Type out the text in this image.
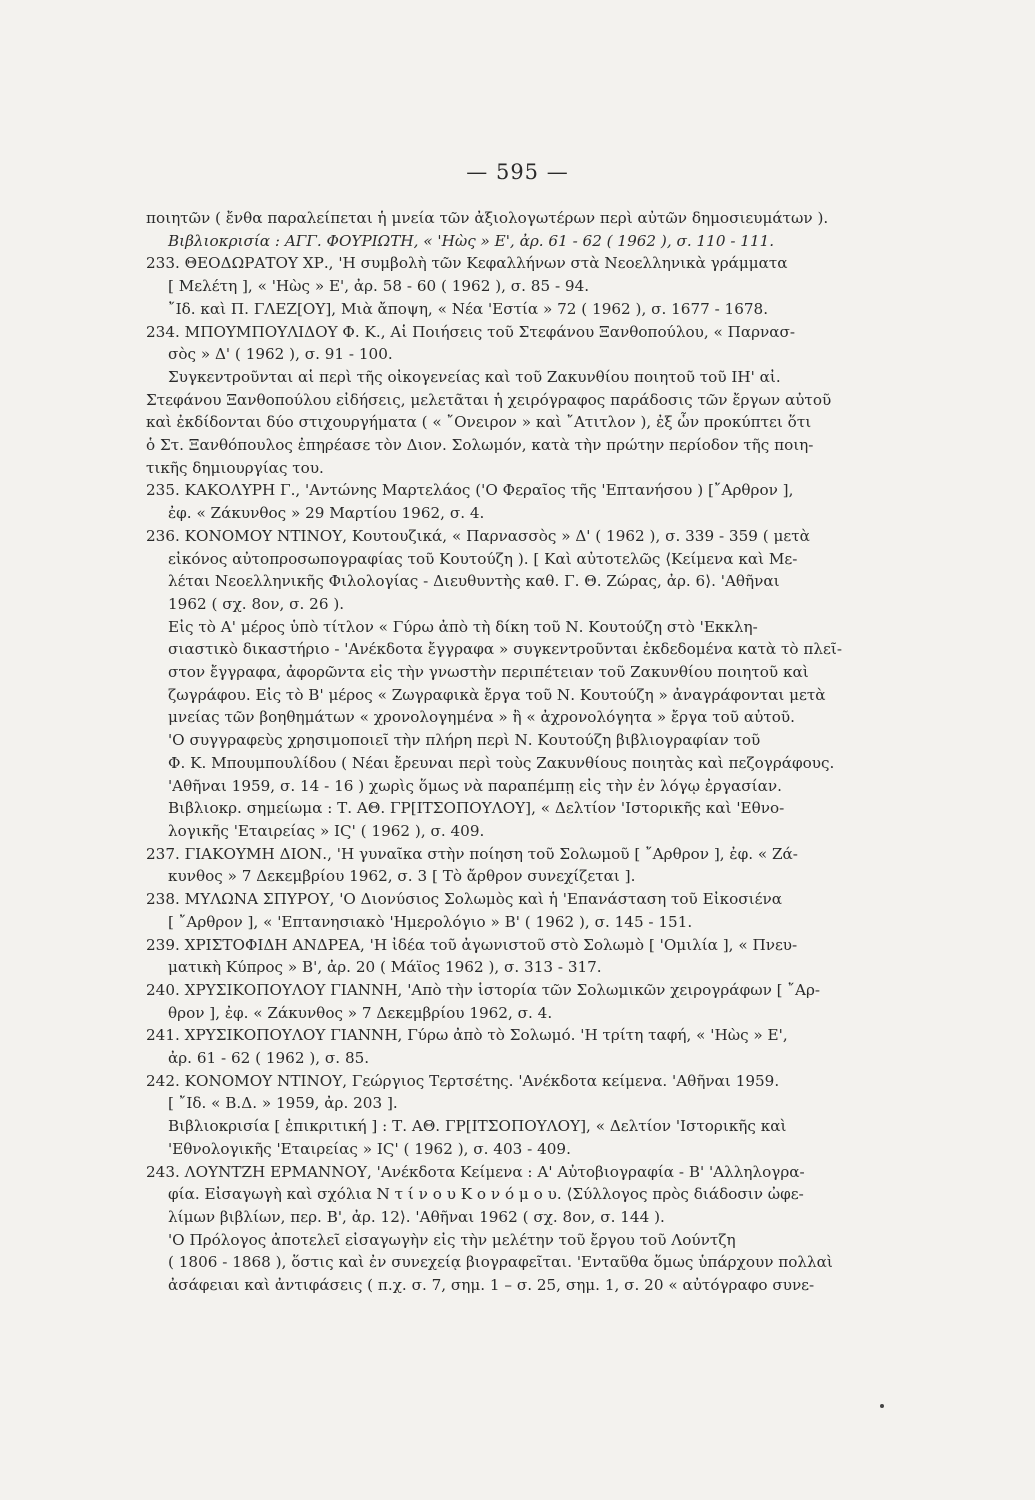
— 595 —

ποιητῶν ( ἔνθα παραλείπεται ἡ μνεία τῶν ἀξιολογωτέρων περὶ αὐτῶν δημοσιευμάτων ).

Βιβλιοκρισία : ΑΓΓ. ΦΟΥΡΙΩΤΗ, « 'Ηὼς » Ε', ἀρ. 61 - 62 ( 1962 ), σ. 110 - 111.

233. ΘΕΟΔΩΡΑΤΟΥ ΧΡ., 'Η συμβολὴ τῶν Κεφαλλήνων στὰ Νεοελληνικὰ γράμματα

[ Μελέτη ], « 'Ηὼς » Ε', ἀρ. 58 - 60 ( 1962 ), σ. 85 - 94.

῎Ιδ. καὶ Π. ΓΛΕΖ[ΟΥ], Μιὰ ἄποψη, « Νέα 'Εστία » 72 ( 1962 ), σ. 1677 - 1678.

234. ΜΠΟΥΜΠΟΥΛΙΔΟΥ Φ. Κ., Αἱ Ποιήσεις τοῦ Στεφάνου Ξανθοπούλου, « Παρνασ-

σὸς » Δ' ( 1962 ), σ. 91 - 100.

Συγκεντροῦνται αἱ περὶ τῆς οἰκογενείας καὶ τοῦ Ζακυνθίου ποιητοῦ τοῦ ΙΗ' αἰ.

Στεφάνου Ξανθοπούλου εἰδήσεις, μελετᾶται ἡ χειρόγραφος παράδοσις τῶν ἔργων αὐτοῦ

καὶ ἐκδίδονται δύο στιχουργήματα ( « ῎Ονειρον » καὶ ῎Ατιτλον ), ἐξ ὧν προκύπτει ὅτι

ὁ Στ. Ξανθόπουλος ἐπηρέασε τὸν Διον. Σολωμόν, κατὰ τὴν πρώτην περίοδον τῆς ποιη-

τικῆς δημιουργίας του.

235. ΚΑΚΟΛΥΡΗ Γ., 'Αντώνης Μαρτελάος ('Ο Φεραῖος τῆς 'Επτανήσου ) [῎Αρθρον ],

ἐφ. « Ζάκυνθος » 29 Μαρτίου 1962, σ. 4.

236. ΚΟΝΟΜΟΥ ΝΤΙΝΟΥ, Κουτουζικά, « Παρνασσὸς » Δ' ( 1962 ), σ. 339 - 359 ( μετὰ

εἰκόνος αὐτοπροσωπογραφίας τοῦ Κουτούζη ). [ Καὶ αὐτοτελῶς ⟨Κείμενα καὶ Με-

λέται Νεοελληνικῆς Φιλολογίας - Διευθυντὴς καθ. Γ. Θ. Ζώρας, ἀρ. 6⟩. 'Αθῆναι

1962 ( σχ. 8ον, σ. 26 ).

Εἰς τὸ Α' μέρος ὑπὸ τίτλον « Γύρω ἀπὸ τὴ δίκη τοῦ Ν. Κουτούζη στὸ 'Εκκλη-

σιαστικὸ δικαστήριο - 'Ανέκδοτα ἔγγραφα » συγκεντροῦνται ἐκδεδομένα κατὰ τὸ πλεῖ-

στον ἔγγραφα, ἀφορῶντα εἰς τὴν γνωστὴν περιπέτειαν τοῦ Ζακυνθίου ποιητοῦ καὶ

ζωγράφου. Εἰς τὸ Β' μέρος « Ζωγραφικὰ ἔργα τοῦ Ν. Κουτούζη » ἀναγράφονται μετὰ

μνείας τῶν βοηθημάτων « χρονολογημένα » ἢ « ἀχρονολόγητα » ἔργα τοῦ αὐτοῦ.

'Ο συγγραφεὺς χρησιμοποιεῖ τὴν πλήρη περὶ Ν. Κουτούζη βιβλιογραφίαν τοῦ

Φ. Κ. Μπουμπουλίδου ( Νέαι ἔρευναι περὶ τοὺς Ζακυνθίους ποιητὰς καὶ πεζογράφους.

'Αθῆναι 1959, σ. 14 - 16 ) χωρὶς ὅμως νὰ παραπέμπῃ εἰς τὴν ἐν λόγῳ ἐργασίαν.

Βιβλιοκρ. σημείωμα : Τ. ΑΘ. ΓΡ[ΙΤΣΟΠΟΥΛΟΥ], « Δελτίον 'Ιστορικῆς καὶ 'Εθνο-

λογικῆς 'Εταιρείας » ΙϚ' ( 1962 ), σ. 409.

237. ΓΙΑΚΟΥΜΗ ΔΙΟΝ., 'Η γυναῖκα στὴν ποίηση τοῦ Σολωμοῦ [ ῎Αρθρον ], ἐφ. « Ζά-

κυνθος » 7 Δεκεμβρίου 1962, σ. 3 [ Τὸ ἄρθρον συνεχίζεται ].

238. ΜΥΛΩΝΑ ΣΠΥΡΟΥ, 'Ο Διονύσιος Σολωμὸς καὶ ἡ 'Επανάσταση τοῦ Εἰκοσιένα

[ ῎Αρθρον ], « 'Επτανησιακὸ 'Ημερολόγιο » Β' ( 1962 ), σ. 145 - 151.

239. ΧΡΙΣΤΟΦΙΔΗ ΑΝΔΡΕΑ, 'Η ἰδέα τοῦ ἀγωνιστοῦ στὸ Σολωμὸ [ 'Ομιλία ], « Πνευ-

ματικὴ Κύπρος » Β', ἀρ. 20 ( Μάϊος 1962 ), σ. 313 - 317.

240. ΧΡΥΣΙΚΟΠΟΥΛΟΥ ΓΙΑΝΝΗ, 'Απὸ τὴν ἱστορία τῶν Σολωμικῶν χειρογράφων [ ῎Αρ-

θρον ], ἐφ. « Ζάκυνθος » 7 Δεκεμβρίου 1962, σ. 4.

241. ΧΡΥΣΙΚΟΠΟΥΛΟΥ ΓΙΑΝΝΗ, Γύρω ἀπὸ τὸ Σολωμό. 'Η τρίτη ταφή, « 'Ηὼς » Ε',

ἀρ. 61 - 62 ( 1962 ), σ. 85.

242. ΚΟΝΟΜΟΥ ΝΤΙΝΟΥ, Γεώργιος Τερτσέτης. 'Ανέκδοτα κείμενα. 'Αθῆναι 1959.

[ ῎Ιδ. « Β.Δ. » 1959, ἀρ. 203 ].

Βιβλιοκρισία [ ἐπικριτική ] : Τ. ΑΘ. ΓΡ[ΙΤΣΟΠΟΥΛΟΥ], « Δελτίον 'Ιστορικῆς καὶ

'Εθνολογικῆς 'Εταιρείας » ΙϚ' ( 1962 ), σ. 403 - 409.

243. ΛΟΥΝΤΖΗ ΕΡΜΑΝΝΟΥ, 'Ανέκδοτα Κείμενα : Α' Αὐτοβιογραφία - Β' 'Αλληλογρα-

φία. Εἰσαγωγὴ καὶ σχόλια Ν τ ί ν ο υ Κ ο ν ό μ ο υ. ⟨Σύλλογος πρὸς διάδοσιν ὠφε-

λίμων βιβλίων, περ. Β', ἀρ. 12⟩. 'Αθῆναι 1962 ( σχ. 8ον, σ. 144 ).

'Ο Πρόλογος ἀποτελεῖ εἰσαγωγὴν εἰς τὴν μελέτην τοῦ ἔργου τοῦ Λούντζη

( 1806 - 1868 ), ὅστις καὶ ἐν συνεχείᾳ βιογραφεῖται. 'Ενταῦθα ὅμως ὑπάρχουν πολλαὶ

ἀσάφειαι καὶ ἀντιφάσεις ( π.χ. σ. 7, σημ. 1 – σ. 25, σημ. 1, σ. 20 « αὐτόγραφο συνε-
